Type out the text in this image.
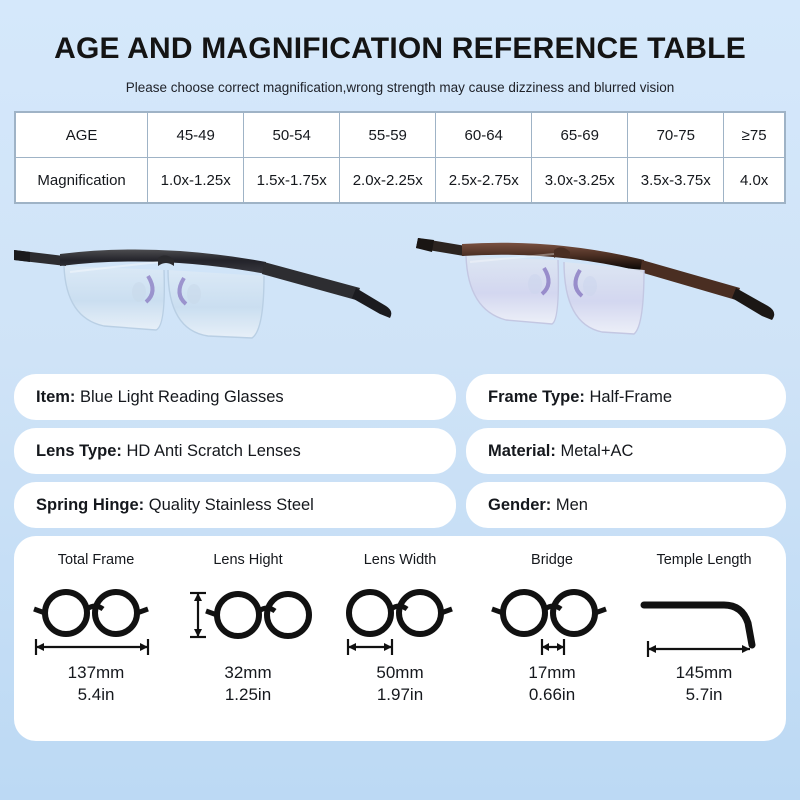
AGE AND MAGNIFICATION REFERENCE TABLE
Please choose correct magnification,wrong strength may cause dizziness and blurred vision
AGE	45-49	50-54	55-59	60-64	65-69	70-75	≥75
Magnification	1.0x-1.25x	1.5x-1.75x	2.0x-2.25x	2.5x-2.75x	3.0x-3.25x	3.5x-3.75x	4.0x
Item:
Blue Light Reading Glasses	Frame Type:
Half-Frame
Lens Type:
HD Anti Scratch Lenses	Material:
Metal+AC
Spring Hinge:
Quality Stainless Steel	Gender:
Men
Total Frame
137mm
5.4in
Lens Hight
32mm
1.25in
Lens Width
50mm
1.97in
Bridge
17mm
0.66in
Temple Length
145mm
5.7in
